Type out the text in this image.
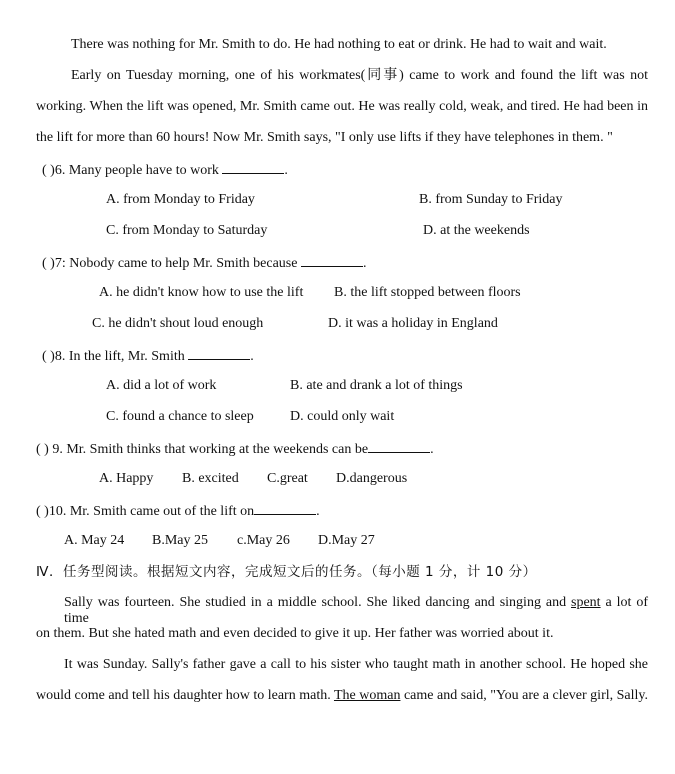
There was nothing for Mr. Smith to do. He had nothing to eat or drink. He had to wait and wait.
Early on Tuesday morning, one of his workmates(同事) came to work and found the lift was not
working. When the lift was opened, Mr. Smith came out. He was really cold, weak, and tired. He had been in
the lift for more than 60 hours! Now Mr. Smith says, "I only use lifts if they have telephones in them. "
( )6. Many people have to work	.
A. from Monday to Friday	B. from Sunday to Friday
C. from Monday to Saturday	D. at the weekends
( )7: Nobody came to help Mr. Smith because	.
A. he didn't know how to use the lift B. the lift stopped between floors
C. he didn't shout loud enough	D. it was a holiday in England
( )8. In the lift, Mr. Smith	.
A. did a lot of work	B. ate and drank a lot of things
C. found a chance to sleep	D. could only wait
( ) 9. Mr. Smith thinks that working at the weekends can be	.
A. Happy B. excited C.great D.dangerous
( )10. Mr. Smith came out of the lift on	.
A. May 24 B.May 25 c.May 26 D.May 27
Ⅳ．任务型阅读。根据短文内容，完成短文后的任务。（每小题 1 分，计 10 分）
Sally was fourteen. She studied in a middle school. She liked dancing and singing and spent a lot of time
on them. But she hated math and even decided to give it up. Her father was worried about it.
It was Sunday. Sally's father gave a call to his sister who taught math in another school. He hoped she
would come and tell his daughter how to learn math. The woman came and said, "You are a clever girl, Sally.
